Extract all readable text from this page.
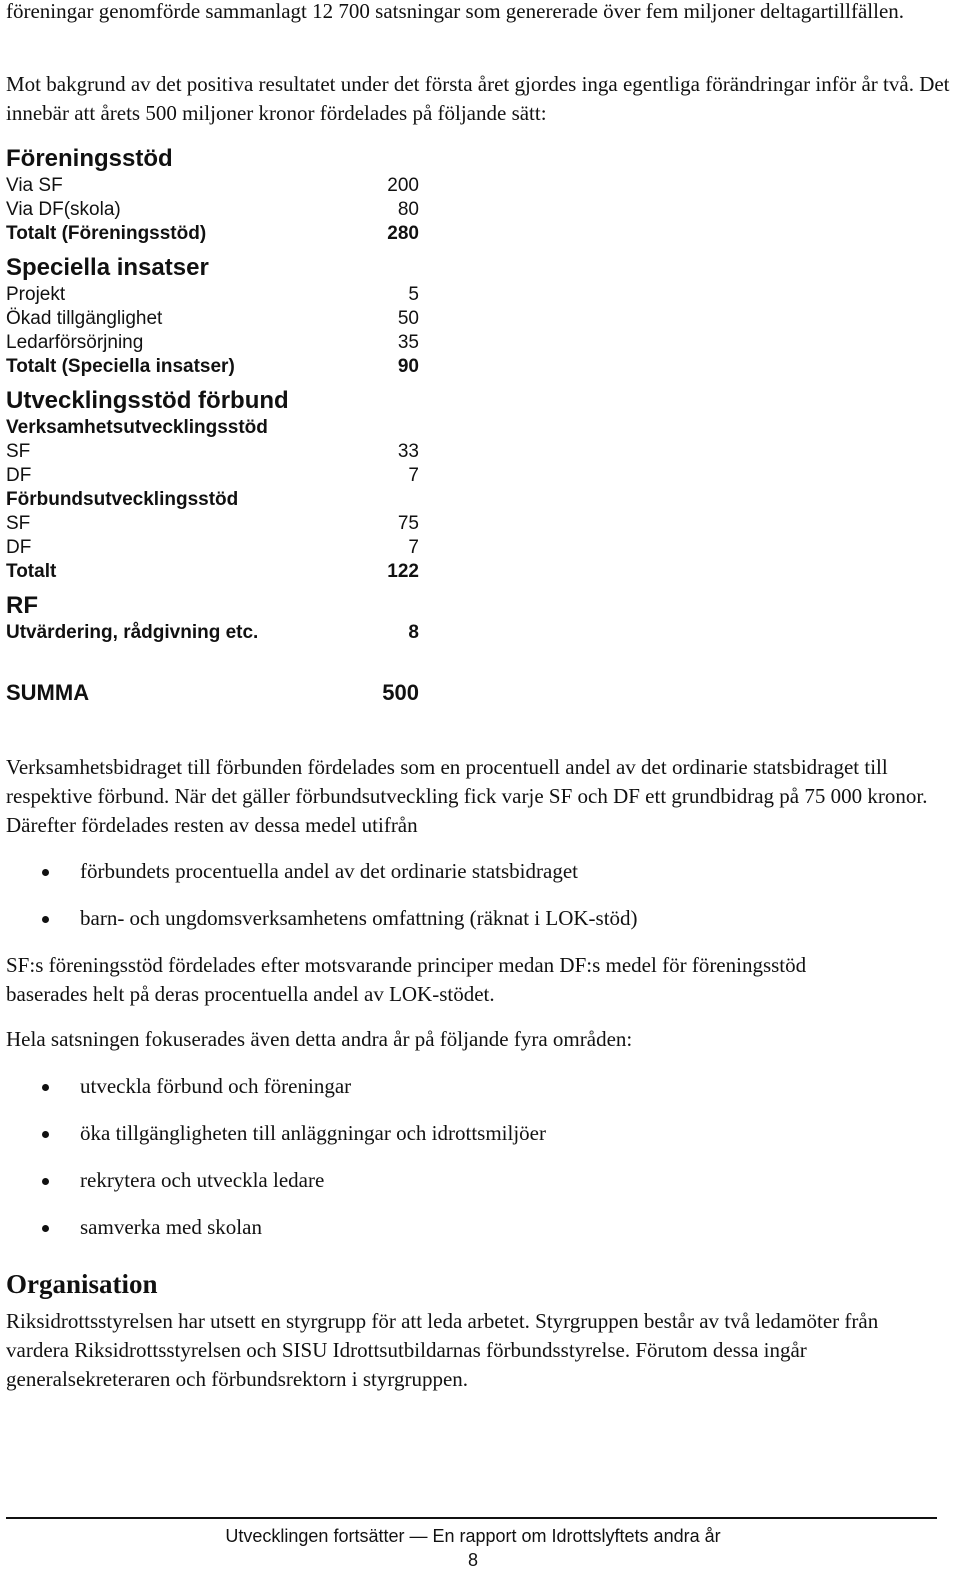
föreningar genomförde sammanlagt 12 700 satsningar som genererade över fem miljoner deltagartillfällen.

Mot bakgrund av det positiva resultatet under det första året gjordes inga egentliga förändringar inför år två. Det innebär att årets 500 miljoner kronor fördelades på följande sätt:

Föreningsstöd
Via SF	200
Via DF(skola)	80
Totalt (Föreningsstöd)	280
Speciella insatser
Projekt	5
Ökad tillgänglighet	50
Ledarförsörjning	35
Totalt (Speciella insatser)	90
Utvecklingsstöd förbund
Verksamhetsutvecklingsstöd
SF	33
DF	7
Förbundsutvecklingsstöd
SF	75
DF	7
Totalt	122
RF
Utvärdering, rådgivning etc.	8
SUMMA	500

Verksamhetsbidraget till förbunden fördelades som en procentuell andel av det ordinarie statsbidraget till respektive förbund. När det gäller förbundsutveckling fick varje SF och DF ett grundbidrag på 75 000 kronor. Därefter fördelades resten av dessa medel utifrån

förbundets procentuella andel av det ordinarie statsbidraget
barn- och ungdomsverksamhetens omfattning (räknat i LOK-stöd)

SF:s föreningsstöd fördelades efter motsvarande principer medan DF:s medel för föreningsstöd baserades helt på deras procentuella andel av LOK-stödet.

Hela satsningen fokuserades även detta andra år på följande fyra områden:

utveckla förbund och föreningar
öka tillgängligheten till anläggningar och idrottsmiljöer
rekrytera och utveckla ledare
samverka med skolan
Organisation

Riksidrottsstyrelsen har utsett en styrgrupp för att leda arbetet. Styrgruppen består av två ledamöter från vardera Riksidrottsstyrelsen och SISU Idrottsutbildarnas förbundsstyrelse. Förutom dessa ingår generalsekreteraren och förbundsrektorn i styrgruppen.

Utvecklingen fortsätter — En rapport om Idrottslyftets andra år
8
